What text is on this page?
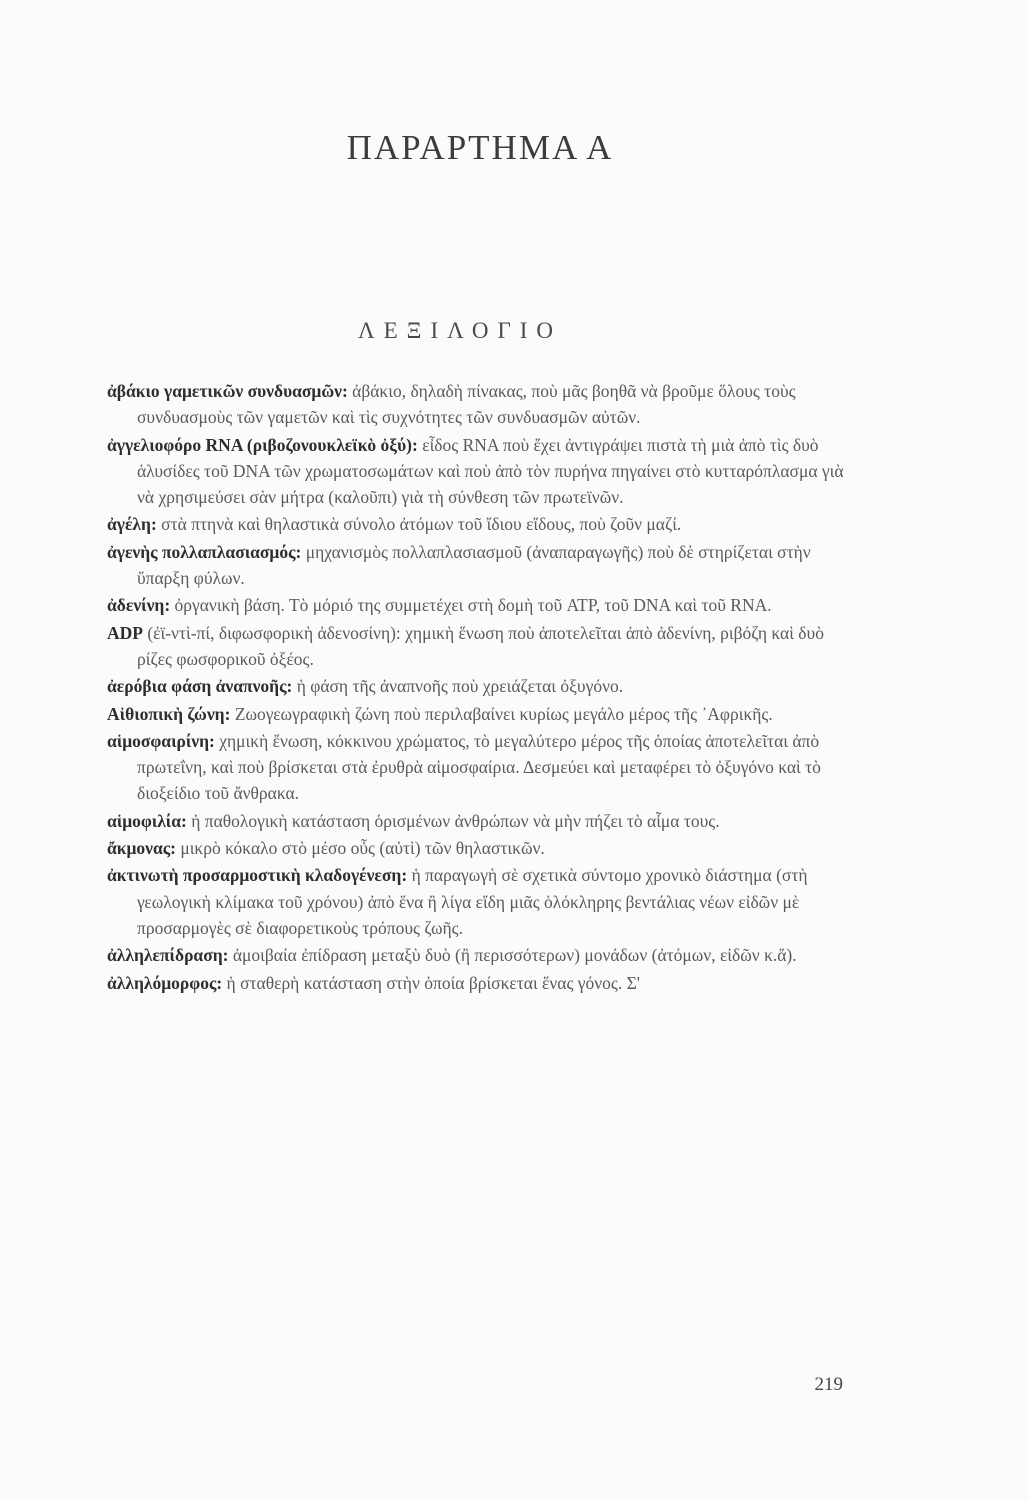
ΠΑΡΑΡΤΗΜΑ Α
ΛΕΞΙΛΟΓΙΟ

ἀβάκιο γαμετικῶν συνδυασμῶν: ἀβάκιο, δηλαδὴ πίνακας, ποὺ μᾶς βοηθᾶ νὰ βροῦμε ὅλους τοὺς συνδυασμοὺς τῶν γαμετῶν καὶ τὶς συχνότητες τῶν συνδυασμῶν αὐτῶν.

ἀγγελιοφόρο RNA (ριβοζονουκλεϊκὸ ὀξύ): εἶδος RNA ποὺ ἔχει ἀντιγράψει πιστὰ τὴ μιὰ ἀπὸ τὶς δυὸ ἁλυσίδες τοῦ DNA τῶν χρωματοσωμάτων καὶ ποὺ ἀπὸ τὸν πυρήνα πηγαίνει στὸ κυτταρόπλασμα γιὰ νὰ χρησιμεύσει σὰν μήτρα (καλοῦπι) γιὰ τὴ σύνθεση τῶν πρωτεϊνῶν.

ἀγέλη: στὰ πτηνὰ καὶ θηλαστικὰ σύνολο ἀτόμων τοῦ ἴδιου εἴδους, ποὺ ζοῦν μαζί.

ἀγενὴς πολλαπλασιασμός: μηχανισμὸς πολλαπλασιασμοῦ (ἀναπαραγωγῆς) ποὺ δὲ στηρίζεται στὴν ὕπαρξη φύλων.

ἀδενίνη: ὀργανικὴ βάση. Τὸ μόριό της συμμετέχει στὴ δομὴ τοῦ ATP, τοῦ DNA καὶ τοῦ RNA.

ADP (ἐϊ-ντὶ-πί, διφωσφορικὴ ἀδενοσίνη): χημικὴ ἕνωση ποὺ ἀποτελεῖται ἀπὸ ἀδενίνη, ριβόζη καὶ δυὸ ρίζες φωσφορικοῦ ὀξέος.

ἀερόβια φάση ἀναπνοῆς: ἡ φάση τῆς ἀναπνοῆς ποὺ χρειάζεται ὀξυγόνο.

Αἰθιοπικὴ ζώνη: Ζωογεωγραφικὴ ζώνη ποὺ περιλαβαίνει κυρίως μεγάλο μέρος τῆς ᾿Αφρικῆς.

αἱμοσφαιρίνη: χημικὴ ἕνωση, κόκκινου χρώματος, τὸ μεγαλύτερο μέρος τῆς ὁποίας ἀποτελεῖται ἀπὸ πρωτεΐνη, καὶ ποὺ βρίσκεται στὰ ἐρυθρὰ αἱμοσφαίρια. Δεσμεύει καὶ μεταφέρει τὸ ὀξυγόνο καὶ τὸ διοξείδιο τοῦ ἄνθρακα.

αἱμοφιλία: ἡ παθολογικὴ κατάσταση ὁρισμένων ἀνθρώπων νὰ μὴν πήζει τὸ αἷμα τους.

ἄκμονας: μικρὸ κόκαλο στὸ μέσο οὖς (αὐτὶ) τῶν θηλαστικῶν.

ἀκτινωτὴ προσαρμοστικὴ κλαδογένεση: ἡ παραγωγὴ σὲ σχετικὰ σύντομο χρονικὸ διάστημα (στὴ γεωλογικὴ κλίμακα τοῦ χρόνου) ἀπὸ ἕνα ἢ λίγα εἴδη μιᾶς ὁλόκληρης βεντάλιας νέων εἰδῶν μὲ προσαρμογὲς σὲ διαφορετικοὺς τρόπους ζωῆς.

ἀλληλεπίδραση: ἀμοιβαία ἐπίδραση μεταξὺ δυὸ (ἢ περισσότερων) μονάδων (ἀτόμων, εἰδῶν κ.ἄ).

ἀλληλόμορφος: ἡ σταθερὴ κατάσταση στὴν ὁποία βρίσκεται ἕνας γόνος. Σ'

219
